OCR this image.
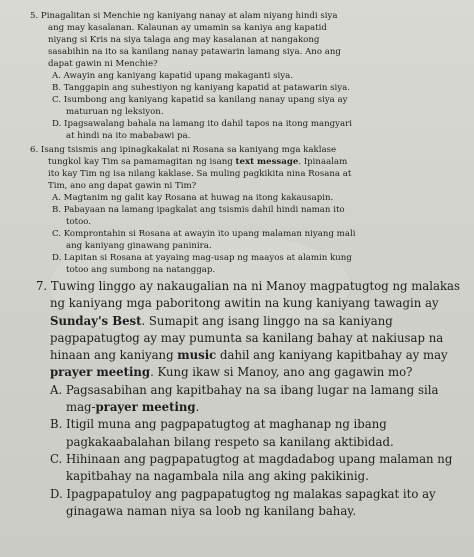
5. Pinagalitan si Menchie ng kaniyang nanay at alam niyang hindi siya
ang may kasalanan. Kalaunan ay umamin sa kaniya ang kapatid
niyang si Kris na siya talaga ang may kasalanan at nangakong
sasabihin na ito sa kanilang nanay patawarin lamang siya. Ano ang
dapat gawin ni Menchie?
A. Awayin ang kaniyang kapatid upang makaganti siya.
B. Tanggapin ang suhestiyon ng kaniyang kapatid at patawarin siya.
C. Isumbong ang kaniyang kapatid sa kanilang nanay upang siya ay
maturuan ng leksiyon.
D. Ipagsawalang bahala na lamang ito dahil tapos na itong mangyari
at hindi na ito mababawi pa.
6. Isang tsismis ang ipinagkakalat ni Rosana sa kaniyang mga kaklase
tungkol kay Tim sa pamamagitan ng isang text message. Ipinaalam
ito kay Tim ng isa nilang kaklase. Sa muling pagkikita nina Rosana at
Tim, ano ang dapat gawin ni Tim?
A. Magtanim ng galit kay Rosana at huwag na itong kakausapin.
B. Pabayaan na lamang ipagkalat ang tsismis dahil hindi naman ito
totoo.
C. Komprontahin si Rosana at awayin ito upang malaman niyang mali
ang kaniyang ginawang paninira.
D. Lapitan si Rosana at yayaing mag-usap ng maayos at alamin kung
totoo ang sumbong na natanggap.
7. Tuwing linggo ay nakaugalian na ni Manoy magpatugtog ng malakas
ng kaniyang mga paboritong awitin na kung kaniyang tawagin ay
Sunday's Best. Sumapit ang isang linggo na sa kaniyang
pagpapatugtog ay may pumunta sa kanilang bahay at nakiusap na
hinaan ang kaniyang music dahil ang kaniyang kapitbahay ay may
prayer meeting. Kung ikaw si Manoy, ano ang gagawin mo?
A. Pagsasabihan ang kapitbahay na sa ibang lugar na lamang sila
mag-prayer meeting.
B. Itigil muna ang pagpapatugtog at maghanap ng ibang
pagkakaabalahan bilang respeto sa kanilang aktibidad.
C. Hihinaan ang pagpapatugtog at magdadabog upang malaman ng
kapitbahay na nagambala nila ang aking pakikinig.
D. Ipagpapatuloy ang pagpapatugtog ng malakas sapagkat ito ay
ginagawa naman niya sa loob ng kanilang bahay.
